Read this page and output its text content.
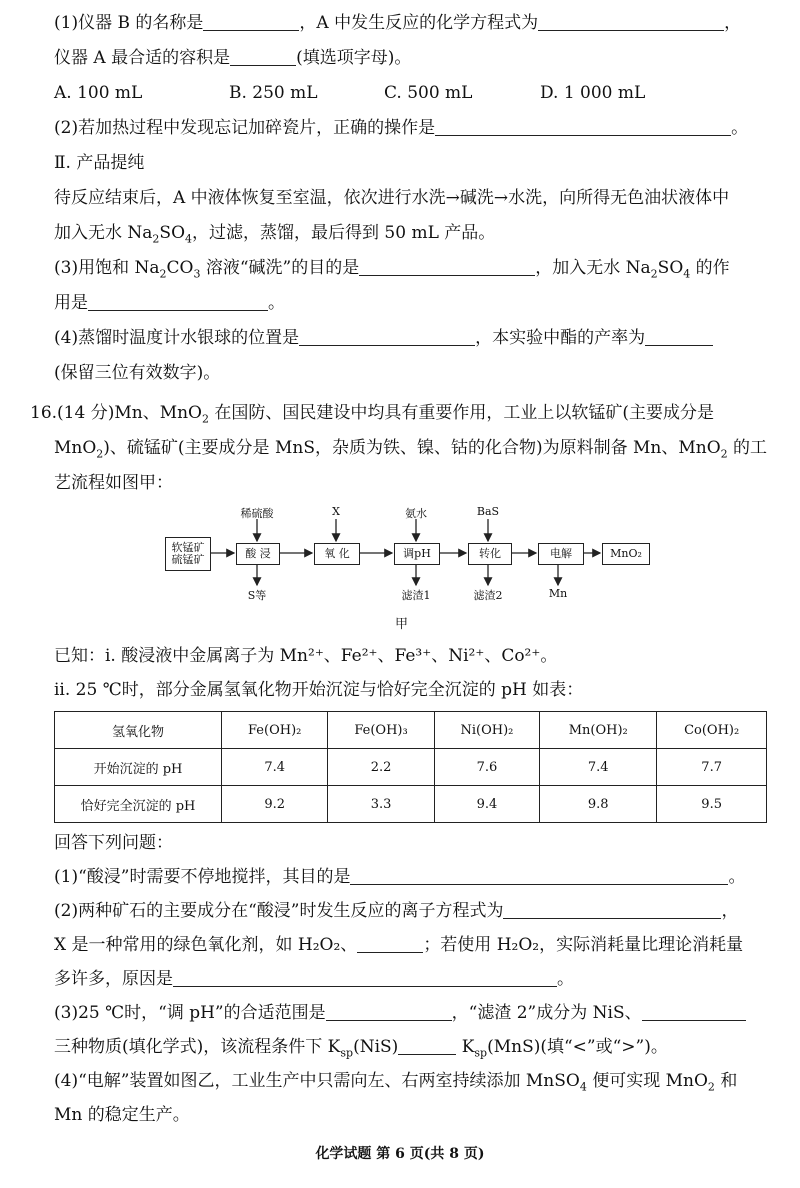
(1)仪器 B 的名称是	，A 中发生反应的化学方程式为	，
仪器 A 最合适的容积是	(填选项字母)。
A. 100 mL	B. 250 mL	C. 500 mL	D. 1 000 mL
(2)若加热过程中发现忘记加碎瓷片，正确的操作是	。
Ⅱ. 产品提纯
待反应结束后，A 中液体恢复至室温，依次进行水洗→碱洗→水洗，向所得无色油状液体中
加入无水 $Na_2SO_4$，过滤，蒸馏，最后得到 50 mL 产品。
(3)用饱和 $Na_2CO_3$ 溶液“碱洗”的目的是	，加入无水 $Na_2SO_4$ 的作
用是	。
(4)蒸馏时温度计水银球的位置是	，本实验中酯的产率为
(保留三位有效数字)。
16.(14 分)Mn、MnO$_2$ 在国防、国民建设中均具有重要作用，工业上以软锰矿(主要成分是
MnO$_2$)、硫锰矿(主要成分是 MnS，杂质为铁、镍、钴的化合物)为原料制备 Mn、MnO$_2$ 的工
艺流程如图甲：
软锰矿
硫锰矿	酸 浸	氧 化	调pH	转化	电解	MnO₂
稀硫酸	X	氨水	BaS
S等	滤渣1	滤渣2	Mn
甲
已知：i. 酸浸液中金属离子为 Mn²⁺、Fe²⁺、Fe³⁺、Ni²⁺、Co²⁺。
ii. 25 ℃时，部分金属氢氧化物开始沉淀与恰好完全沉淀的 pH 如表：
氢氧化物	Fe(OH)₂	Fe(OH)₃	Ni(OH)₂	Mn(OH)₂	Co(OH)₂
开始沉淀的 pH	7.4	2.2	7.6	7.4	7.7
恰好完全沉淀的 pH	9.2	3.3	9.4	9.8	9.5
回答下列问题：
(1)“酸浸”时需要不停地搅拌，其目的是	。
(2)两种矿石的主要成分在“酸浸”时发生反应的离子方程式为	，
X 是一种常用的绿色氧化剂，如 H₂O₂、	；若使用 H₂O₂，实际消耗量比理论消耗量
多许多，原因是	。
(3)25 ℃时，“调 pH”的合适范围是	，“滤渣 2”成分为 NiS、
三种物质(填化学式)，该流程条件下 $K_{sp}(NiS)$	$K_{sp}(MnS)$(填“<”或“>”)。
(4)“电解”装置如图乙，工业生产中只需向左、右两室持续添加 MnSO$_4$ 便可实现 MnO$_2$ 和
Mn 的稳定生产。
化学试题 第 6 页(共 8 页)
